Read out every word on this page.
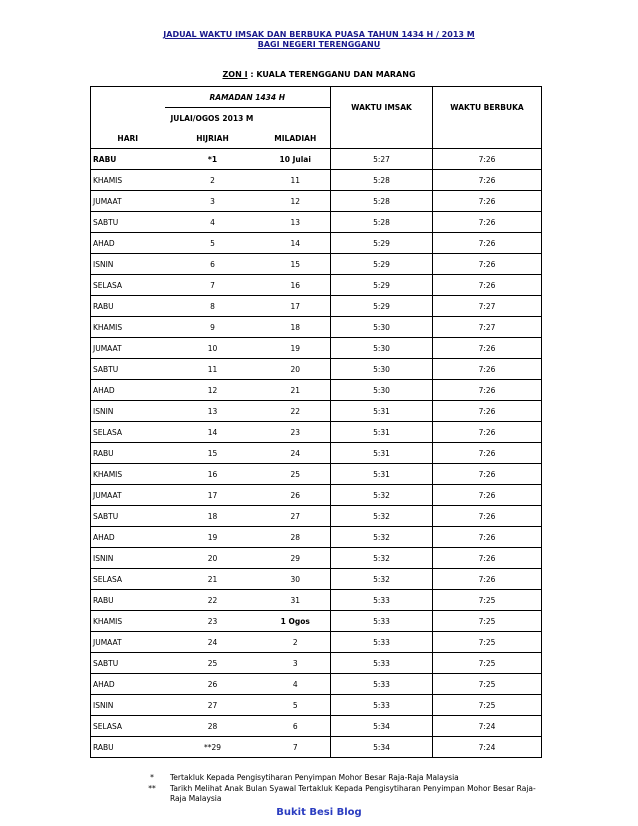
JADUAL WAKTU IMSAK DAN BERBUKA PUASA TAHUN 1434 H / 2013 M
BAGI NEGERI TERENGGANU
ZON I : KUALA TERENGGANU DAN MARANG
	RAMADAN 1434 H		WAKTU IMSAK	WAKTU BERBUKA
	JULAI/OGOS 2013 M			
HARI	HIJRIAH	MILADIAH		
RABU	*1	10 Julai	5:27	7:26
KHAMIS	2	11	5:28	7:26
JUMAAT	3	12	5:28	7:26
SABTU	4	13	5:28	7:26
AHAD	5	14	5:29	7:26
ISNIN	6	15	5:29	7:26
SELASA	7	16	5:29	7:26
RABU	8	17	5:29	7:27
KHAMIS	9	18	5:30	7:27
JUMAAT	10	19	5:30	7:26
SABTU	11	20	5:30	7:26
AHAD	12	21	5:30	7:26
ISNIN	13	22	5:31	7:26
SELASA	14	23	5:31	7:26
RABU	15	24	5:31	7:26
KHAMIS	16	25	5:31	7:26
JUMAAT	17	26	5:32	7:26
SABTU	18	27	5:32	7:26
AHAD	19	28	5:32	7:26
ISNIN	20	29	5:32	7:26
SELASA	21	30	5:32	7:26
RABU	22	31	5:33	7:25
KHAMIS	23	1 Ogos	5:33	7:25
JUMAAT	24	2	5:33	7:25
SABTU	25	3	5:33	7:25
AHAD	26	4	5:33	7:25
ISNIN	27	5	5:33	7:25
SELASA	28	6	5:34	7:24
RABU	**29	7	5:34	7:24
*	Tertakluk Kepada Pengisytiharan Penyimpan Mohor Besar Raja-Raja Malaysia
**	Tarikh Melihat Anak Bulan Syawal Tertakluk Kepada Pengisytiharan Penyimpan Mohor Besar Raja-Raja Malaysia
Bukit Besi Blog
